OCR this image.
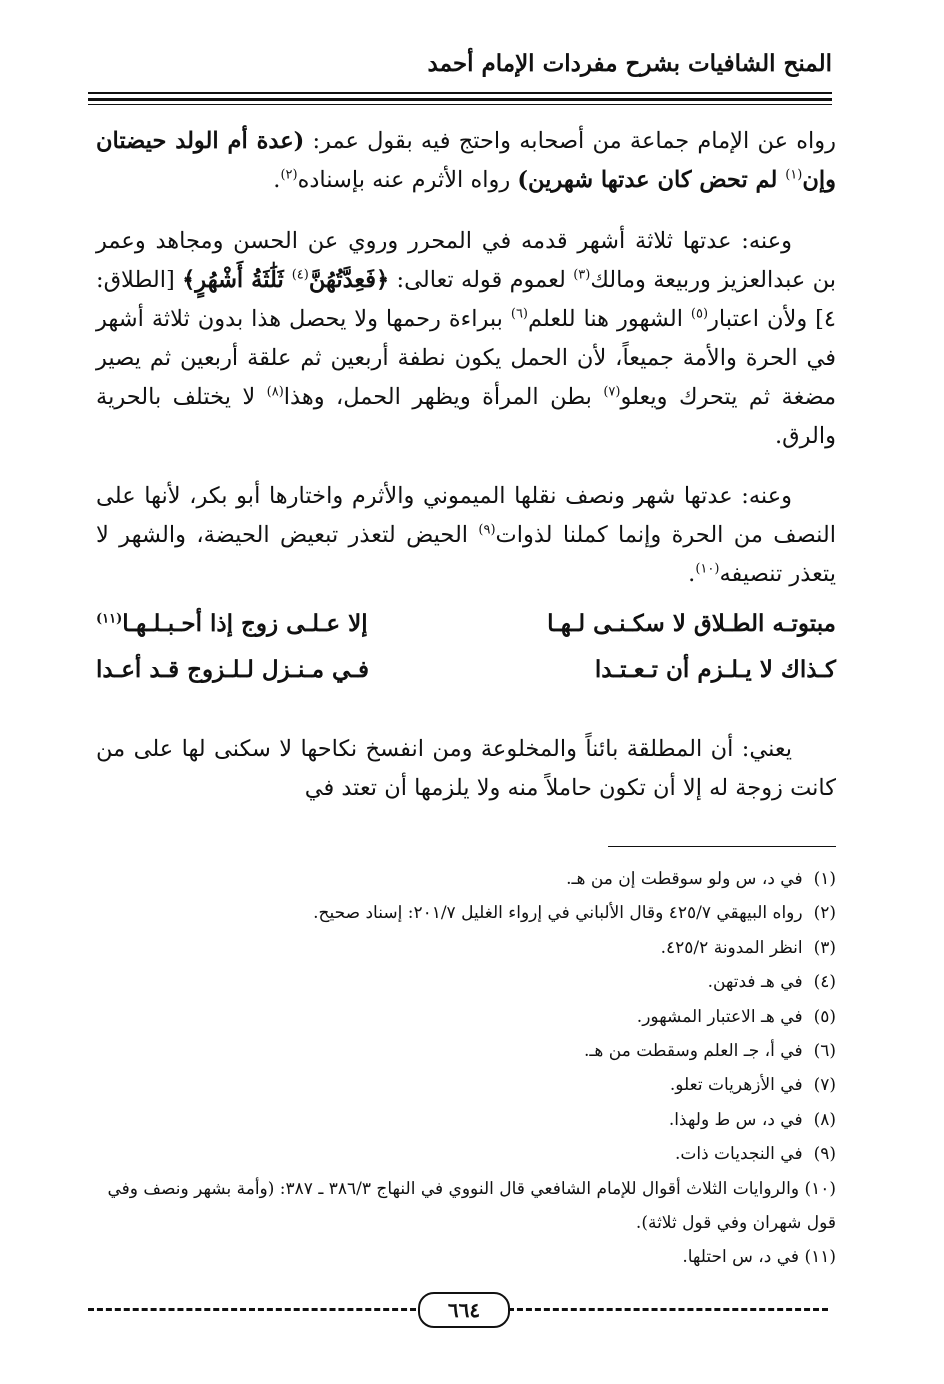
المنح الشافيات بشرح مفردات الإمام أحمد
رواه عن الإمام جماعة من أصحابه واحتج فيه بقول عمر: (عدة أم الولد حيضتان وإن$^{(١)}$ لم تحض كان عدتها شهرين) رواه الأثرم عنه بإسناده$^{(٢)}$.
وعنه: عدتها ثلاثة أشهر قدمه في المحرر وروي عن الحسن ومجاهد وعمر بن عبدالعزيز وربيعة ومالك$^{(٣)}$ لعموم قوله تعالى: ﴿فَعِدَّتُهُنَّ$^{(٤)}$ ثَلَٰثَةُ أَشْهُرٍ﴾ [الطلاق: ٤] ولأن اعتبار$^{(٥)}$ الشهور هنا للعلم$^{(٦)}$ ببراءة رحمها ولا يحصل هذا بدون ثلاثة أشهر في الحرة والأمة جميعاً، لأن الحمل يكون نطفة أربعين ثم علقة أربعين ثم يصير مضغة ثم يتحرك ويعلو$^{(٧)}$ بطن المرأة ويظهر الحمل، وهذا$^{(٨)}$ لا يختلف بالحرية والرق.
وعنه: عدتها شهر ونصف نقلها الميموني والأثرم واختارها أبو بكر، لأنها على النصف من الحرة وإنما كملنا لذوات$^{(٩)}$ الحيض لتعذر تبعيض الحيضة، والشهر لا يتعذر تنصيفه$^{(١٠)}$.
مبتوتـه الطـلاق لا سكـنـى لـهـا
إلا عـلـى زوج إذا أحـبـلـهـا$^{(١١)}$
كـذاك لا يـلـزم أن تـعـتـدا
فـي مـنـزل لـلـزوج قـد أعـدا
يعني: أن المطلقة بائناً والمخلوعة ومن انفسخ نكاحها لا سكنى لها على من كانت زوجة له إلا أن تكون حاملاً منه ولا يلزمها أن تعتد في
(١) في د، س ولو سوقطت إن من هـ.
(٢) رواه البيهقي ٤٢٥/٧ وقال الألباني في إرواء الغليل ٢٠١/٧: إسناد صحيح.
(٣) انظر المدونة ٤٢٥/٢.
(٤) في هـ فدتهن.
(٥) في هـ الاعتبار المشهور.
(٦) في أ، جـ العلم وسقطت من هـ.
(٧) في الأزهريات تعلو.
(٨) في د، س ط ولهذا.
(٩) في النجديات ذات.
(١٠) والروايات الثلاث أقوال للإمام الشافعي قال النووي في النهاج ٣٨٦/٣ ـ ٣٨٧: (وأمة بشهر ونصف وفي قول شهران وفي قول ثلاثة).
(١١) في د، س احتلها.
٦٦٤
